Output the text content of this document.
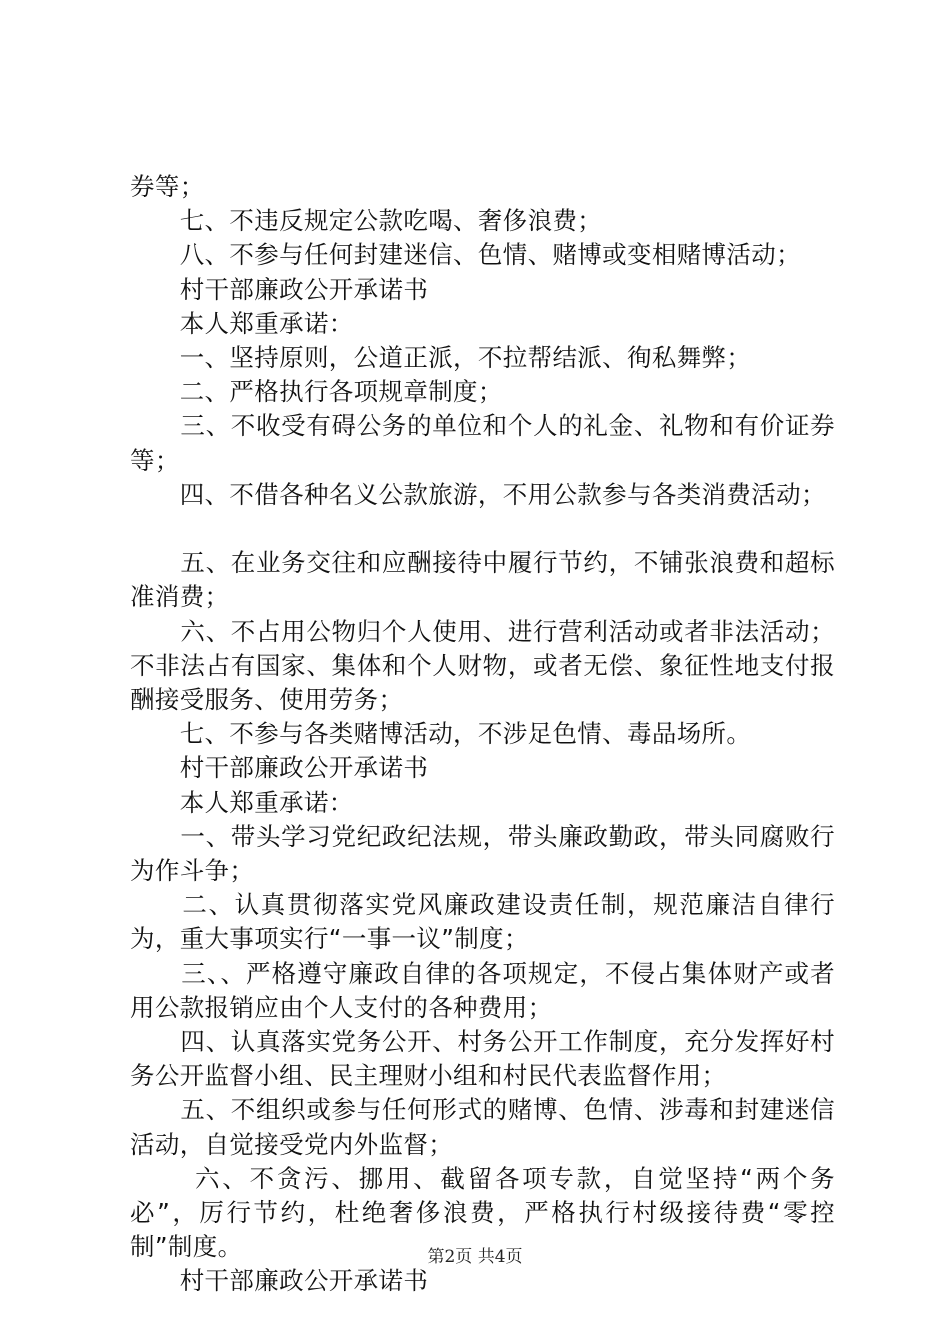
券等；

　　七、不违反规定公款吃喝、奢侈浪费；

　　八、不参与任何封建迷信、色情、赌博或变相赌博活动；

　　村干部廉政公开承诺书

　　本人郑重承诺：

　　一、坚持原则，公道正派，不拉帮结派、徇私舞弊；

　　二、严格执行各项规章制度；

　　三、不收受有碍公务的单位和个人的礼金、礼物和有价证券等；

　　四、不借各种名义公款旅游，不用公款参与各类消费活动；

　　五、在业务交往和应酬接待中履行节约，不铺张浪费和超标准消费；

　　六、不占用公物归个人使用、进行营利活动或者非法活动；不非法占有国家、集体和个人财物，或者无偿、象征性地支付报酬接受服务、使用劳务；

　　七、不参与各类赌博活动，不涉足色情、毒品场所。

　　村干部廉政公开承诺书

　　本人郑重承诺：

　　一、带头学习党纪政纪法规，带头廉政勤政，带头同腐败行为作斗争；

　　二、认真贯彻落实党风廉政建设责任制，规范廉洁自律行为，重大事项实行“一事一议”制度；

　　三、、严格遵守廉政自律的各项规定，不侵占集体财产或者用公款报销应由个人支付的各种费用；

　　四、认真落实党务公开、村务公开工作制度，充分发挥好村务公开监督小组、民主理财小组和村民代表监督作用；

　　五、不组织或参与任何形式的赌博、色情、涉毒和封建迷信活动，自觉接受党内外监督；

　　 六、不贪污、挪用、截留各项专款，自觉坚持“两个务必”，厉行节约，杜绝奢侈浪费，严格执行村级接待费“零控制”制度。

　　村干部廉政公开承诺书

第2页 共4页
